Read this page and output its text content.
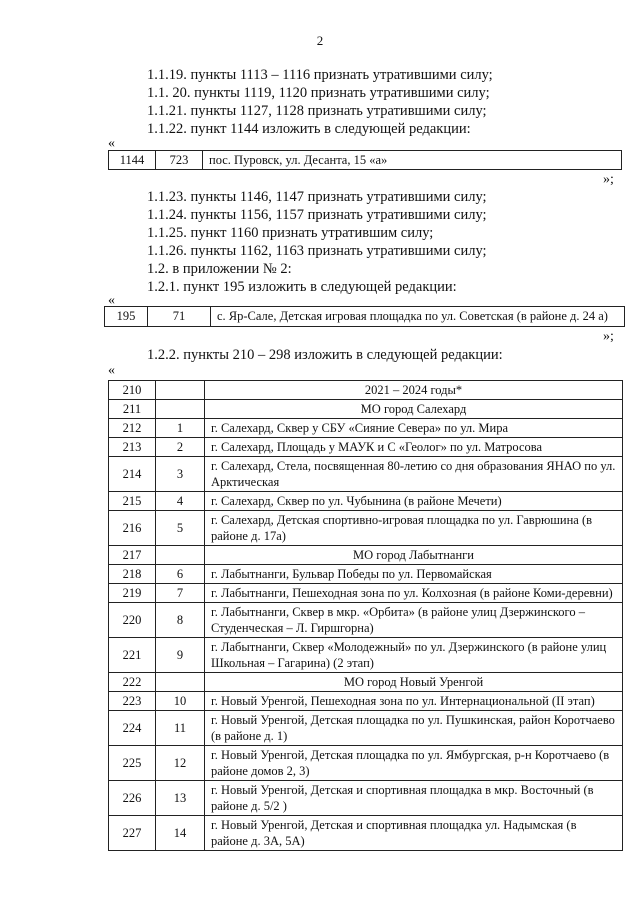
2
1.1.19. пункты 1113 – 1116 признать утратившими силу;
1.1. 20. пункты 1119, 1120 признать утратившими силу;
1.1.21. пункты 1127, 1128 признать утратившими силу;
1.1.22. пункт 1144 изложить в следующей редакции:
«
1144	723	пос. Пуровск, ул. Десанта, 15 «а»
»;
1.1.23. пункты 1146, 1147 признать утратившими силу;
1.1.24. пункты 1156, 1157 признать утратившими силу;
1.1.25. пункт 1160 признать утратившим силу;
1.1.26. пункты 1162, 1163 признать утратившими силу;
1.2. в приложении № 2:
1.2.1. пункт 195 изложить в следующей редакции:
«
195	71	с. Яр-Сале, Детская игровая площадка по ул. Советская (в районе д. 24 а)
»;
1.2.2. пункты 210 – 298 изложить в следующей редакции:
«
210		2021 – 2024 годы*
211		МО город Салехард
212	1	г. Салехард, Сквер у СБУ «Сияние Севера» по ул. Мира
213	2	г. Салехард, Площадь у МАУК и С «Геолог» по ул. Матросова
214	3	г. Салехард, Стела, посвященная 80-летию со дня образования ЯНАО по ул. Арктическая
215	4	г. Салехард, Сквер по ул. Чубынина (в районе Мечети)
216	5	г. Салехард, Детская спортивно-игровая площадка по ул. Гаврюшина (в районе д. 17а)
217		МО город Лабытнанги
218	6	г. Лабытнанги, Бульвар Победы по ул. Первомайская
219	7	г. Лабытнанги, Пешеходная зона по ул. Колхозная (в районе Коми-деревни)
220	8	г. Лабытнанги, Сквер в мкр. «Орбита» (в районе улиц Дзержинского – Студенческая – Л. Гиршгорна)
221	9	г. Лабытнанги, Сквер «Молодежный» по ул. Дзержинского (в районе улиц Школьная – Гагарина) (2 этап)
222		МО город Новый Уренгой
223	10	г. Новый Уренгой, Пешеходная зона по ул. Интернациональной (II этап)
224	11	г. Новый Уренгой, Детская площадка по ул. Пушкинская, район Коротчаево (в районе д. 1)
225	12	г. Новый Уренгой, Детская площадка по ул. Ямбургская, р-н Коротчаево (в районе домов 2, 3)
226	13	г. Новый Уренгой, Детская и спортивная площадка в мкр. Восточный (в районе д. 5/2 )
227	14	г. Новый Уренгой, Детская и спортивная площадка ул. Надымская (в районе д. 3А, 5А)
